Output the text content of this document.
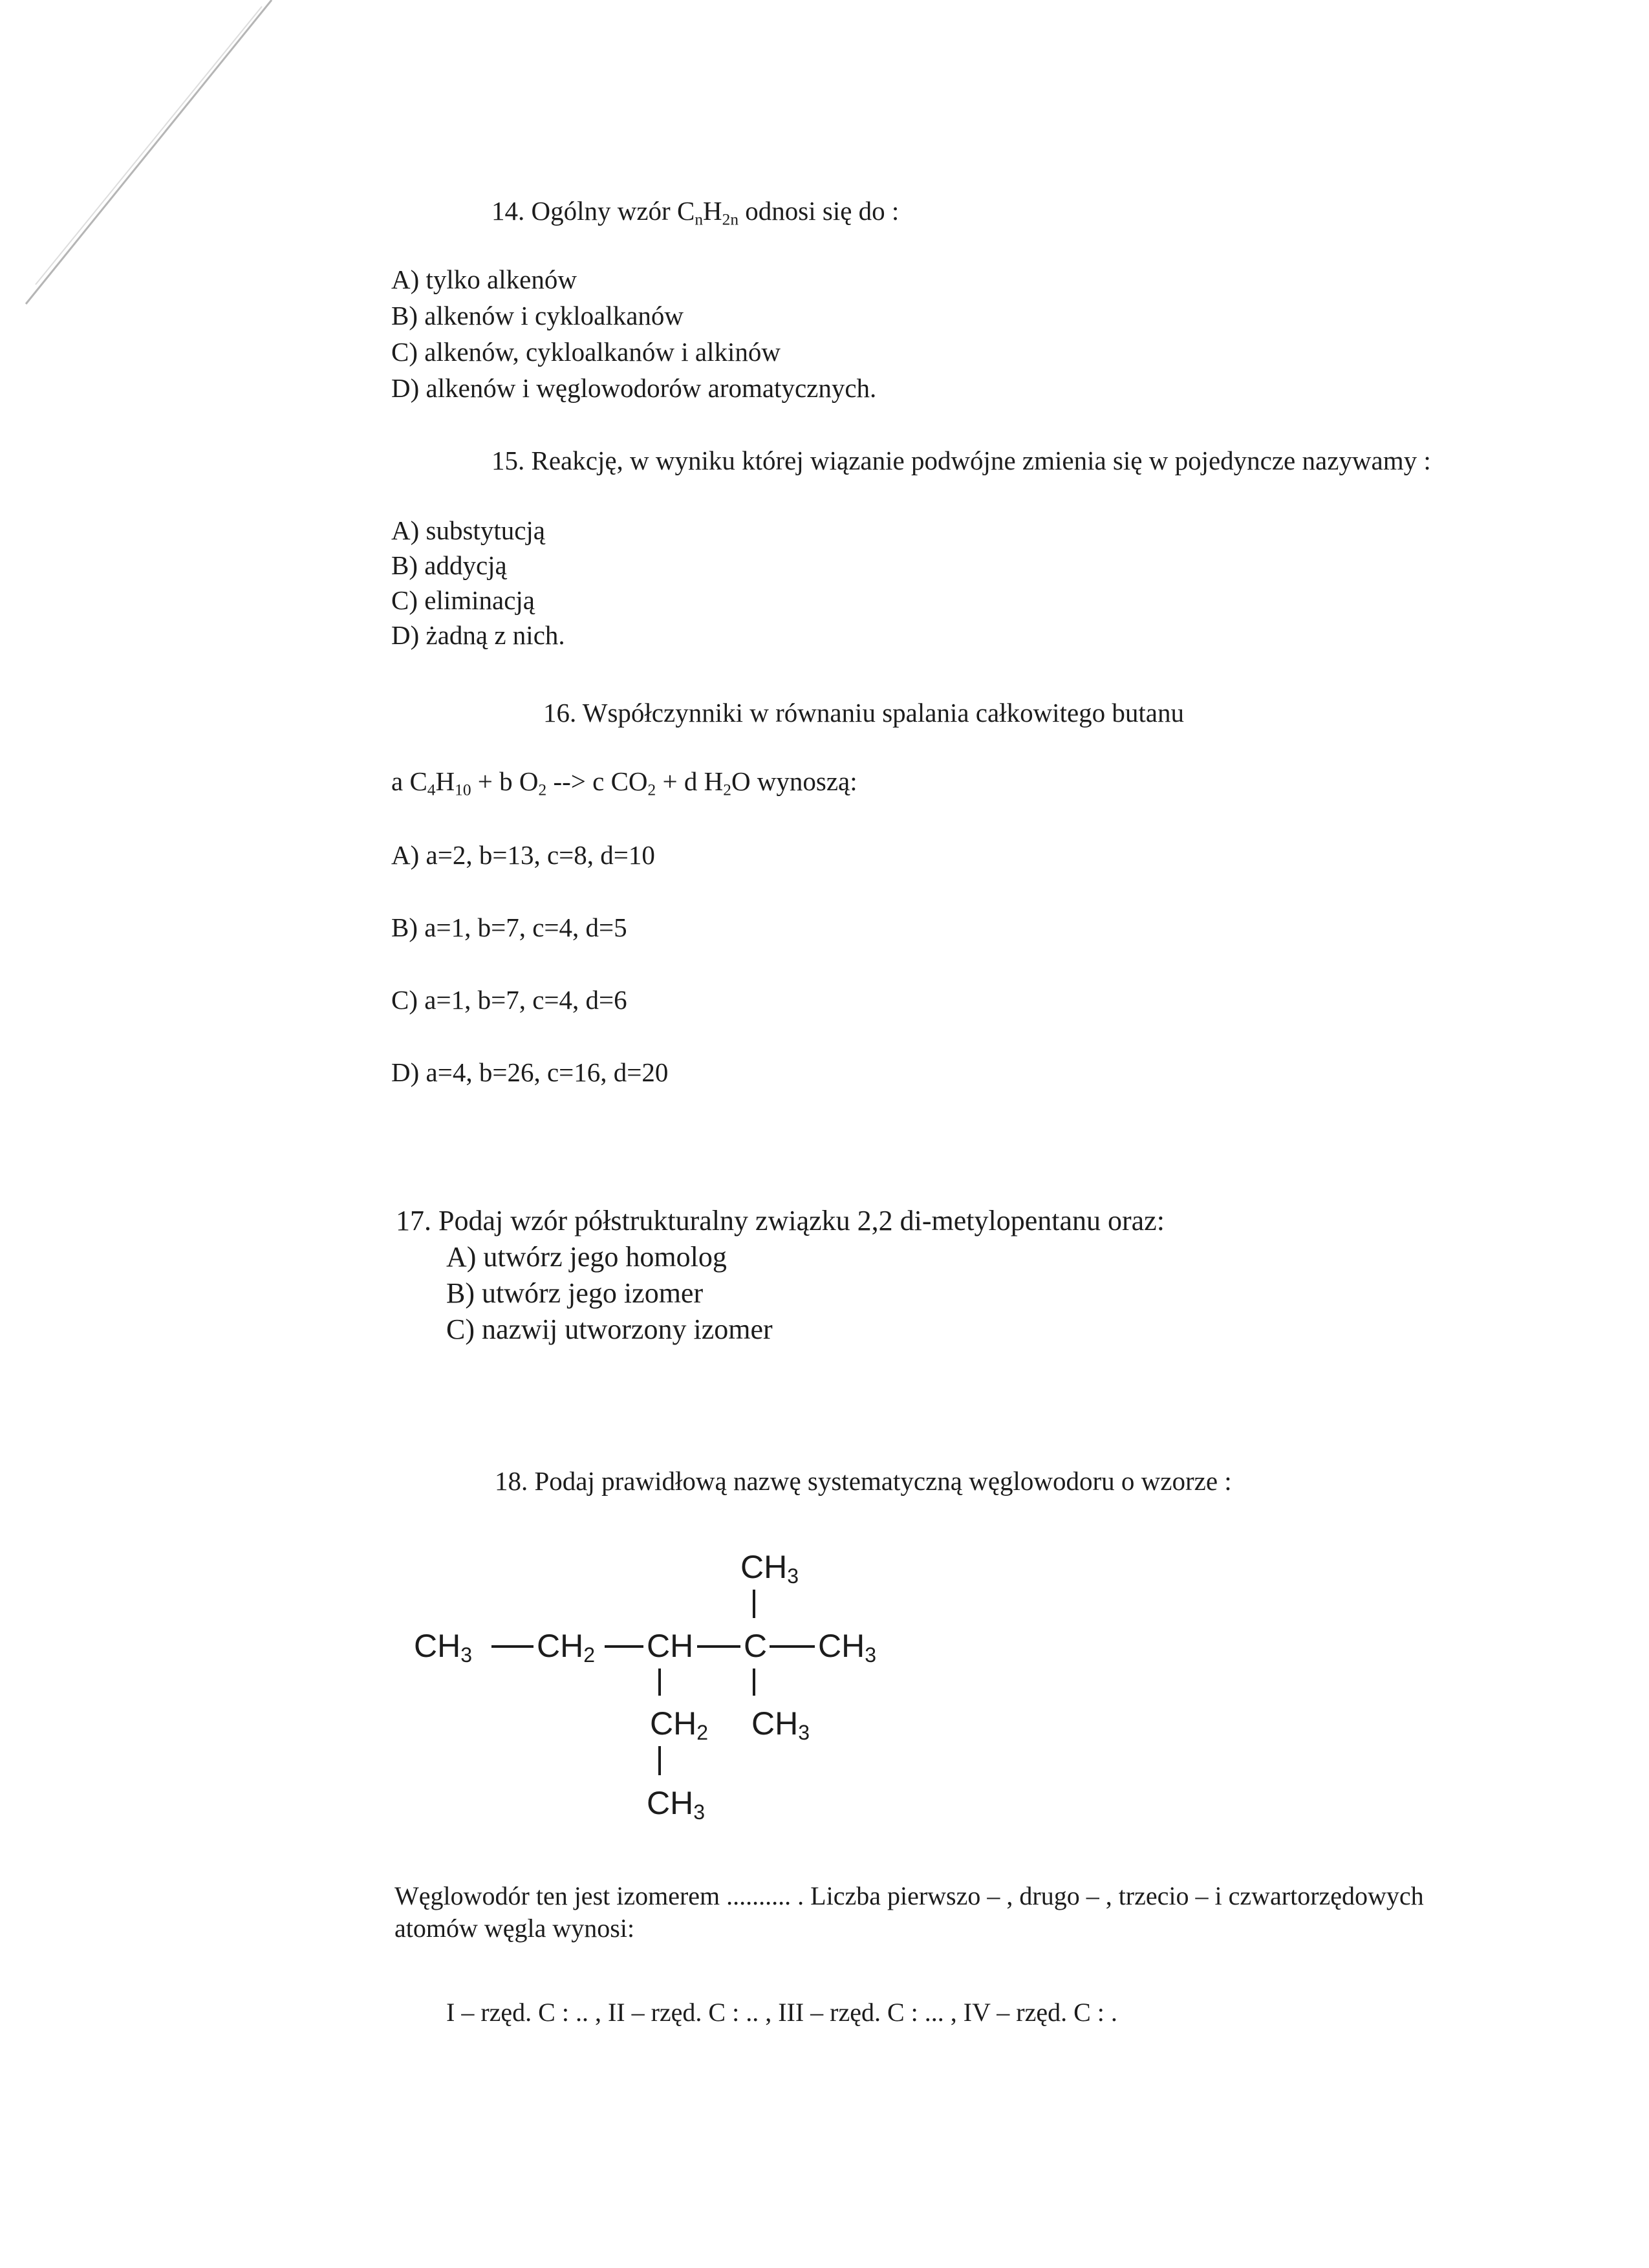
14. Ogólny wzór $C_nH_{2n}$ odnosi się do :
A) tylko alkenów
B) alkenów i cykloalkanów
C) alkenów, cykloalkanów i alkinów
D) alkenów i węglowodorów aromatycznych.
15. Reakcję, w wyniku której wiązanie podwójne zmienia się w pojedyncze nazywamy :
A) substytucją
B) addycją
C) eliminacją
D) żadną z nich.
16. Współczynniki w równaniu spalania całkowitego butanu
a $C_4H_{10} + b$ $O_2$ --> c $CO_2 + d$ $H_2O$ wynoszą:
A) a=2, b=13, c=8, d=10
B) a=1, b=7, c=4, d=5
C) a=1, b=7, c=4, d=6
D) a=4, b=26, c=16, d=20
17. Podaj wzór półstrukturalny związku 2,2 di-metylopentanu oraz:
A) utwórz jego homolog
B) utwórz jego izomer
C) nazwij utworzony izomer
18. Podaj prawidłową nazwę systematyczną węglowodoru o wzorze :
CH3
CH3 CH2 CH C CH3
CH2 CH3
CH3
Węglowodór ten jest izomerem .......... . Liczba pierwszo – , drugo – , trzecio – i czwartorzędowych
atomów węgla wynosi:
I – rzęd. C : .. , II – rzęd. C : .. , III – rzęd. C : ... , IV – rzęd. C : .
